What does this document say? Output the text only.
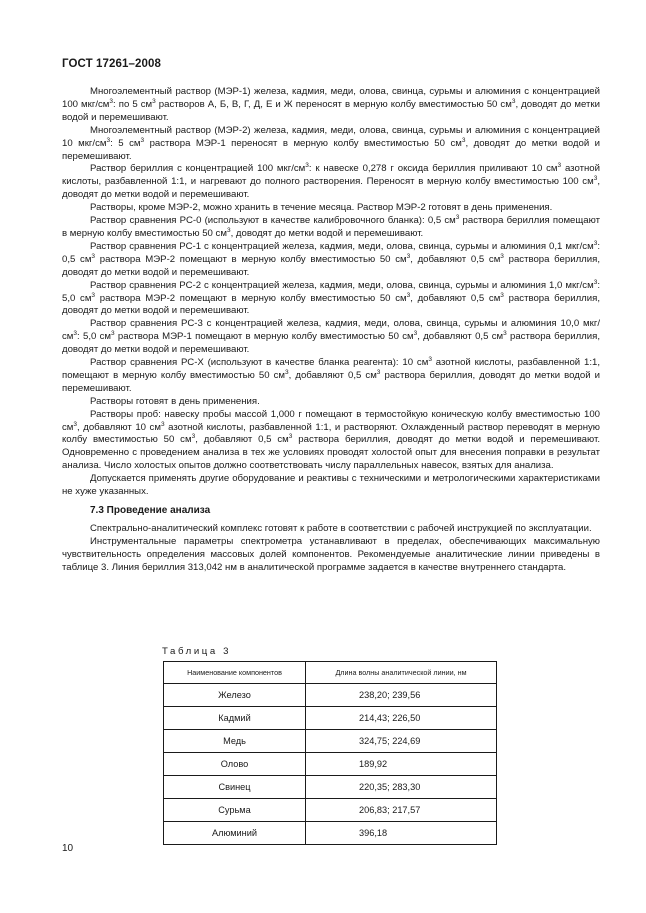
ГОСТ 17261–2008

Многоэлементный раствор (МЭР-1) железа, кадмия, меди, олова, свинца, сурьмы и алюминия с концентрацией 100 мкг/$см^3$: по 5 $см^3$ растворов А, Б, В, Г, Д, Е и Ж переносят в мерную колбу вместимостью 50 $см^3$, доводят до метки водой и перемешивают.

Многоэлементный раствор (МЭР-2) железа, кадмия, меди, олова, свинца, сурьмы и алюминия с концентрацией 10 мкг/$см^3$: 5 $см^3$ раствора МЭР-1 переносят в мерную колбу вместимостью 50 $см^3$, доводят до метки водой и перемешивают.

Раствор бериллия с концентрацией 100 мкг/$см^3$: к навеске 0,278 г оксида бериллия приливают 10 $см^3$ азотной кислоты, разбавленной 1:1, и нагревают до полного растворения. Переносят в мерную колбу вместимостью 100 $см^3$, доводят до метки водой и перемешивают.

Растворы, кроме МЭР-2, можно хранить в течение месяца. Раствор МЭР-2 готовят в день применения.

Раствор сравнения РС-0 (используют в качестве калибровочного бланка): 0,5 $см^3$ раствора бериллия помещают в мерную колбу вместимостью 50 $см^3$, доводят до метки водой и перемешивают.

Раствор сравнения РС-1 с концентрацией железа, кадмия, меди, олова, свинца, сурьмы и алюминия 0,1 мкг/$см^3$: 0,5 $см^3$ раствора МЭР-2 помещают в мерную колбу вместимостью 50 $см^3$, добавляют 0,5 $см^3$ раствора бериллия, доводят до метки водой и перемешивают.

Раствор сравнения РС-2 с концентрацией железа, кадмия, меди, олова, свинца, сурьмы и алюминия 1,0 мкг/$см^3$: 5,0 $см^3$ раствора МЭР-2 помещают в мерную колбу вместимостью 50 $см^3$, добавляют 0,5 $см^3$ раствора бериллия, доводят до метки водой и перемешивают.

Раствор сравнения РС-3 с концентрацией железа, кадмия, меди, олова, свинца, сурьмы и алюминия 10,0 мкг/$см^3$: 5,0 $см^3$ раствора МЭР-1 помещают в мерную колбу вместимостью 50 $см^3$, добавляют 0,5 $см^3$ раствора бериллия, доводят до метки водой и перемешивают.

Раствор сравнения РС-Х (используют в качестве бланка реагента): 10 $см^3$ азотной кислоты, разбавленной 1:1, помещают в мерную колбу вместимостью 50 $см^3$, добавляют 0,5 $см^3$ раствора бериллия, доводят до метки водой и перемешивают.

Растворы готовят в день применения.

Растворы проб: навеску пробы массой 1,000 г помещают в термостойкую коническую колбу вместимостью 100 $см^3$, добавляют 10 $см^3$ азотной кислоты, разбавленной 1:1, и растворяют. Охлажденный раствор переводят в мерную колбу вместимостью 50 $см^3$, добавляют 0,5 $см^3$ раствора бериллия, доводят до метки водой и перемешивают. Одновременно с проведением анализа в тех же условиях проводят холостой опыт для внесения поправки в результат анализа. Число холостых опытов должно соответствовать числу параллельных навесок, взятых для анализа.

Допускается применять другие оборудование и реактивы с техническими и метрологическими характеристиками не хуже указанных.

7.3 Проведение анализа

Спектрально-аналитический комплекс готовят к работе в соответствии с рабочей инструкцией по эксплуатации.

Инструментальные параметры спектрометра устанавливают в пределах, обеспечивающих максимальную чувствительность определения массовых долей компонентов. Рекомендуемые аналитические линии приведены в таблице 3. Линия бериллия 313,042 нм в аналитической программе задается в качестве внутреннего стандарта.

Таблица 3
Наименование компонентов	Длина волны аналитической линии, нм
Железо	238,20; 239,56
Кадмий	214,43; 226,50
Медь	324,75; 224,69
Олово	189,92
Свинец	220,35; 283,30
Сурьма	206,83; 217,57
Алюминий	396,18
10
